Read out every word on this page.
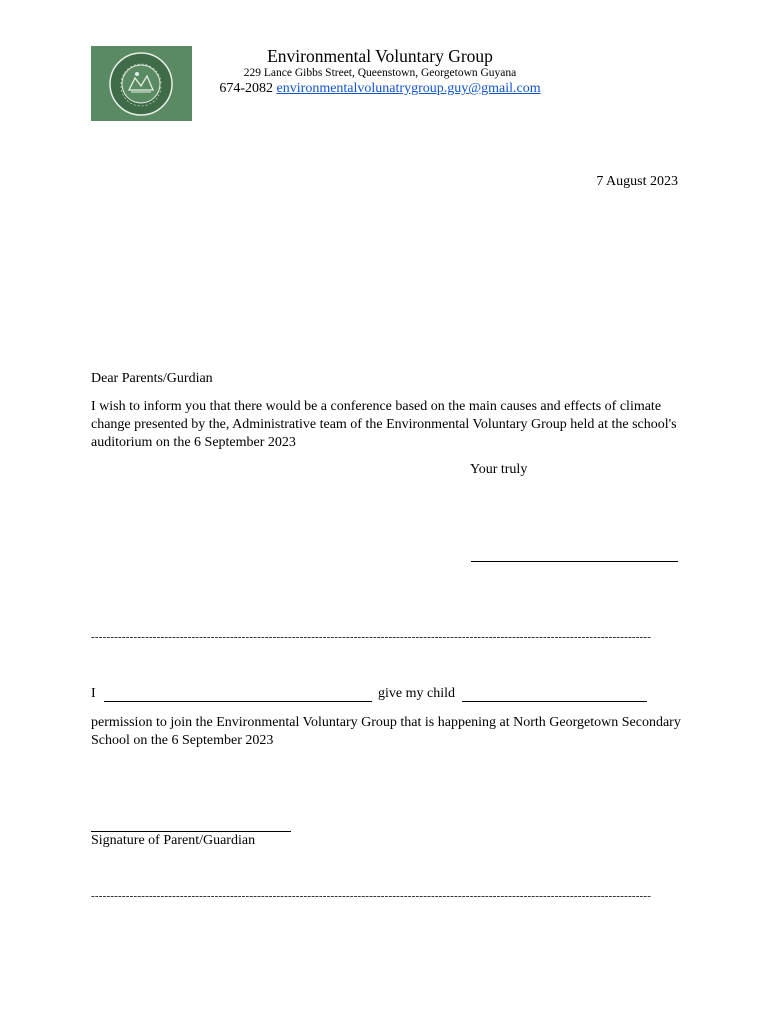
Environmental Voluntary Group
229 Lance Gibbs Street, Queenstown, Georgetown Guyana
674-2082 environmentalvolunatrygroup.guy@gmail.com
7 August 2023
Dear Parents/Gurdian
I wish to inform you that there would be a conference based on the main causes and effects of climate change presented by the, Administrative team of the Environmental Voluntary Group held at the school's auditorium on the 6 September 2023
Your truly
-------------------------------------------------------------------------------------------------------------------------------------------------
I	give my child
permission to join the Environmental Voluntary Group that is happening at North Georgetown Secondary School on the 6 September 2023
Signature of Parent/Guardian
-------------------------------------------------------------------------------------------------------------------------------------------------
